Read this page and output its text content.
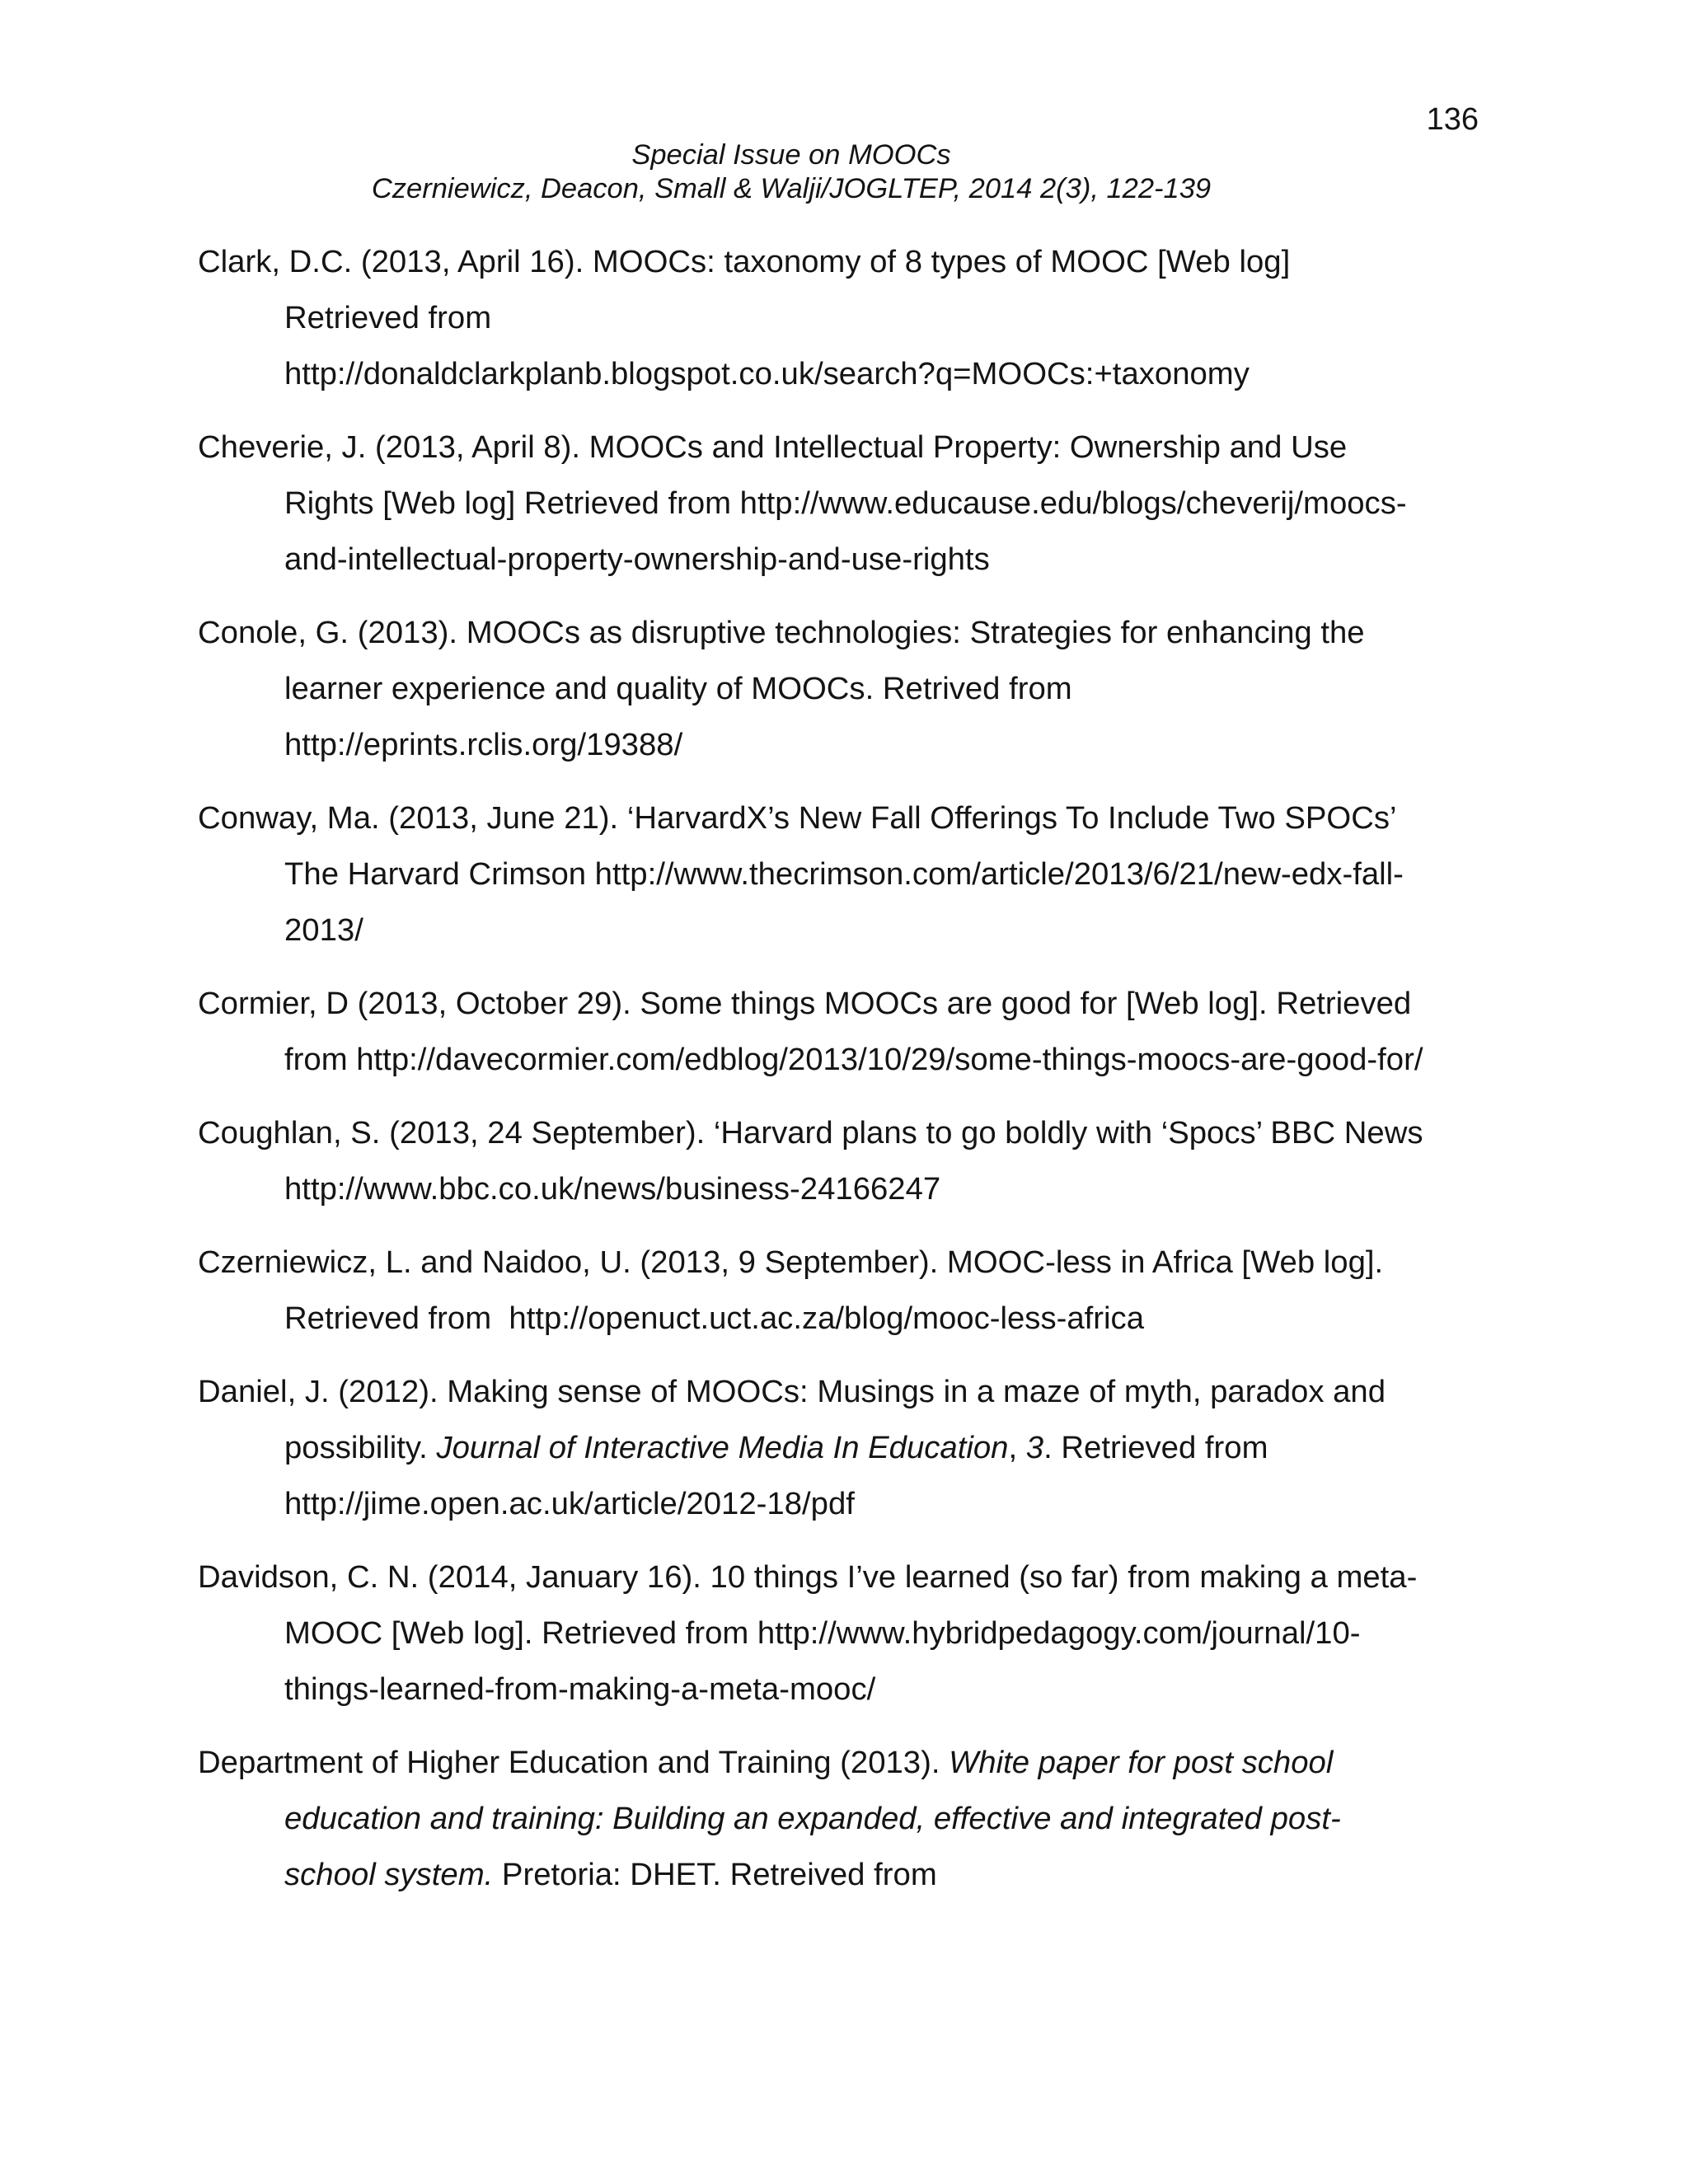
136
Special Issue on MOOCs
Czerniewicz, Deacon, Small & Walji/JOGLTEP, 2014 2(3), 122-139
Clark, D.C. (2013, April 16). MOOCs: taxonomy of 8 types of MOOC [Web log]
Retrieved from
http://donaldclarkplanb.blogspot.co.uk/search?q=MOOCs:+taxonomy
Cheverie, J. (2013, April 8). MOOCs and Intellectual Property: Ownership and Use
Rights [Web log] Retrieved from http://www.educause.edu/blogs/cheverij/moocs-
and-intellectual-property-ownership-and-use-rights
Conole, G. (2013). MOOCs as disruptive technologies: Strategies for enhancing the
learner experience and quality of MOOCs. Retrived from
http://eprints.rclis.org/19388/
Conway, Ma. (2013, June 21). ‘HarvardX’s New Fall Offerings To Include Two SPOCs’
The Harvard Crimson http://www.thecrimson.com/article/2013/6/21/new-edx-fall-
2013/
Cormier, D (2013, October 29). Some things MOOCs are good for [Web log]. Retrieved
from http://davecormier.com/edblog/2013/10/29/some-things-moocs-are-good-for/
Coughlan, S. (2013, 24 September). ‘Harvard plans to go boldly with ‘Spocs’ BBC News
http://www.bbc.co.uk/news/business-24166247
Czerniewicz, L. and Naidoo, U. (2013, 9 September). MOOC-less in Africa [Web log].
Retrieved from  http://openuct.uct.ac.za/blog/mooc-less-africa
Daniel, J. (2012). Making sense of MOOCs: Musings in a maze of myth, paradox and
possibility. Journal of Interactive Media In Education, 3. Retrieved from
http://jime.open.ac.uk/article/2012-18/pdf
Davidson, C. N. (2014, January 16). 10 things I’ve learned (so far) from making a meta-
MOOC [Web log]. Retrieved from http://www.hybridpedagogy.com/journal/10-
things-learned-from-making-a-meta-mooc/
Department of Higher Education and Training (2013). White paper for post school
education and training: Building an expanded, effective and integrated post-
school system. Pretoria: DHET. Retreived from
